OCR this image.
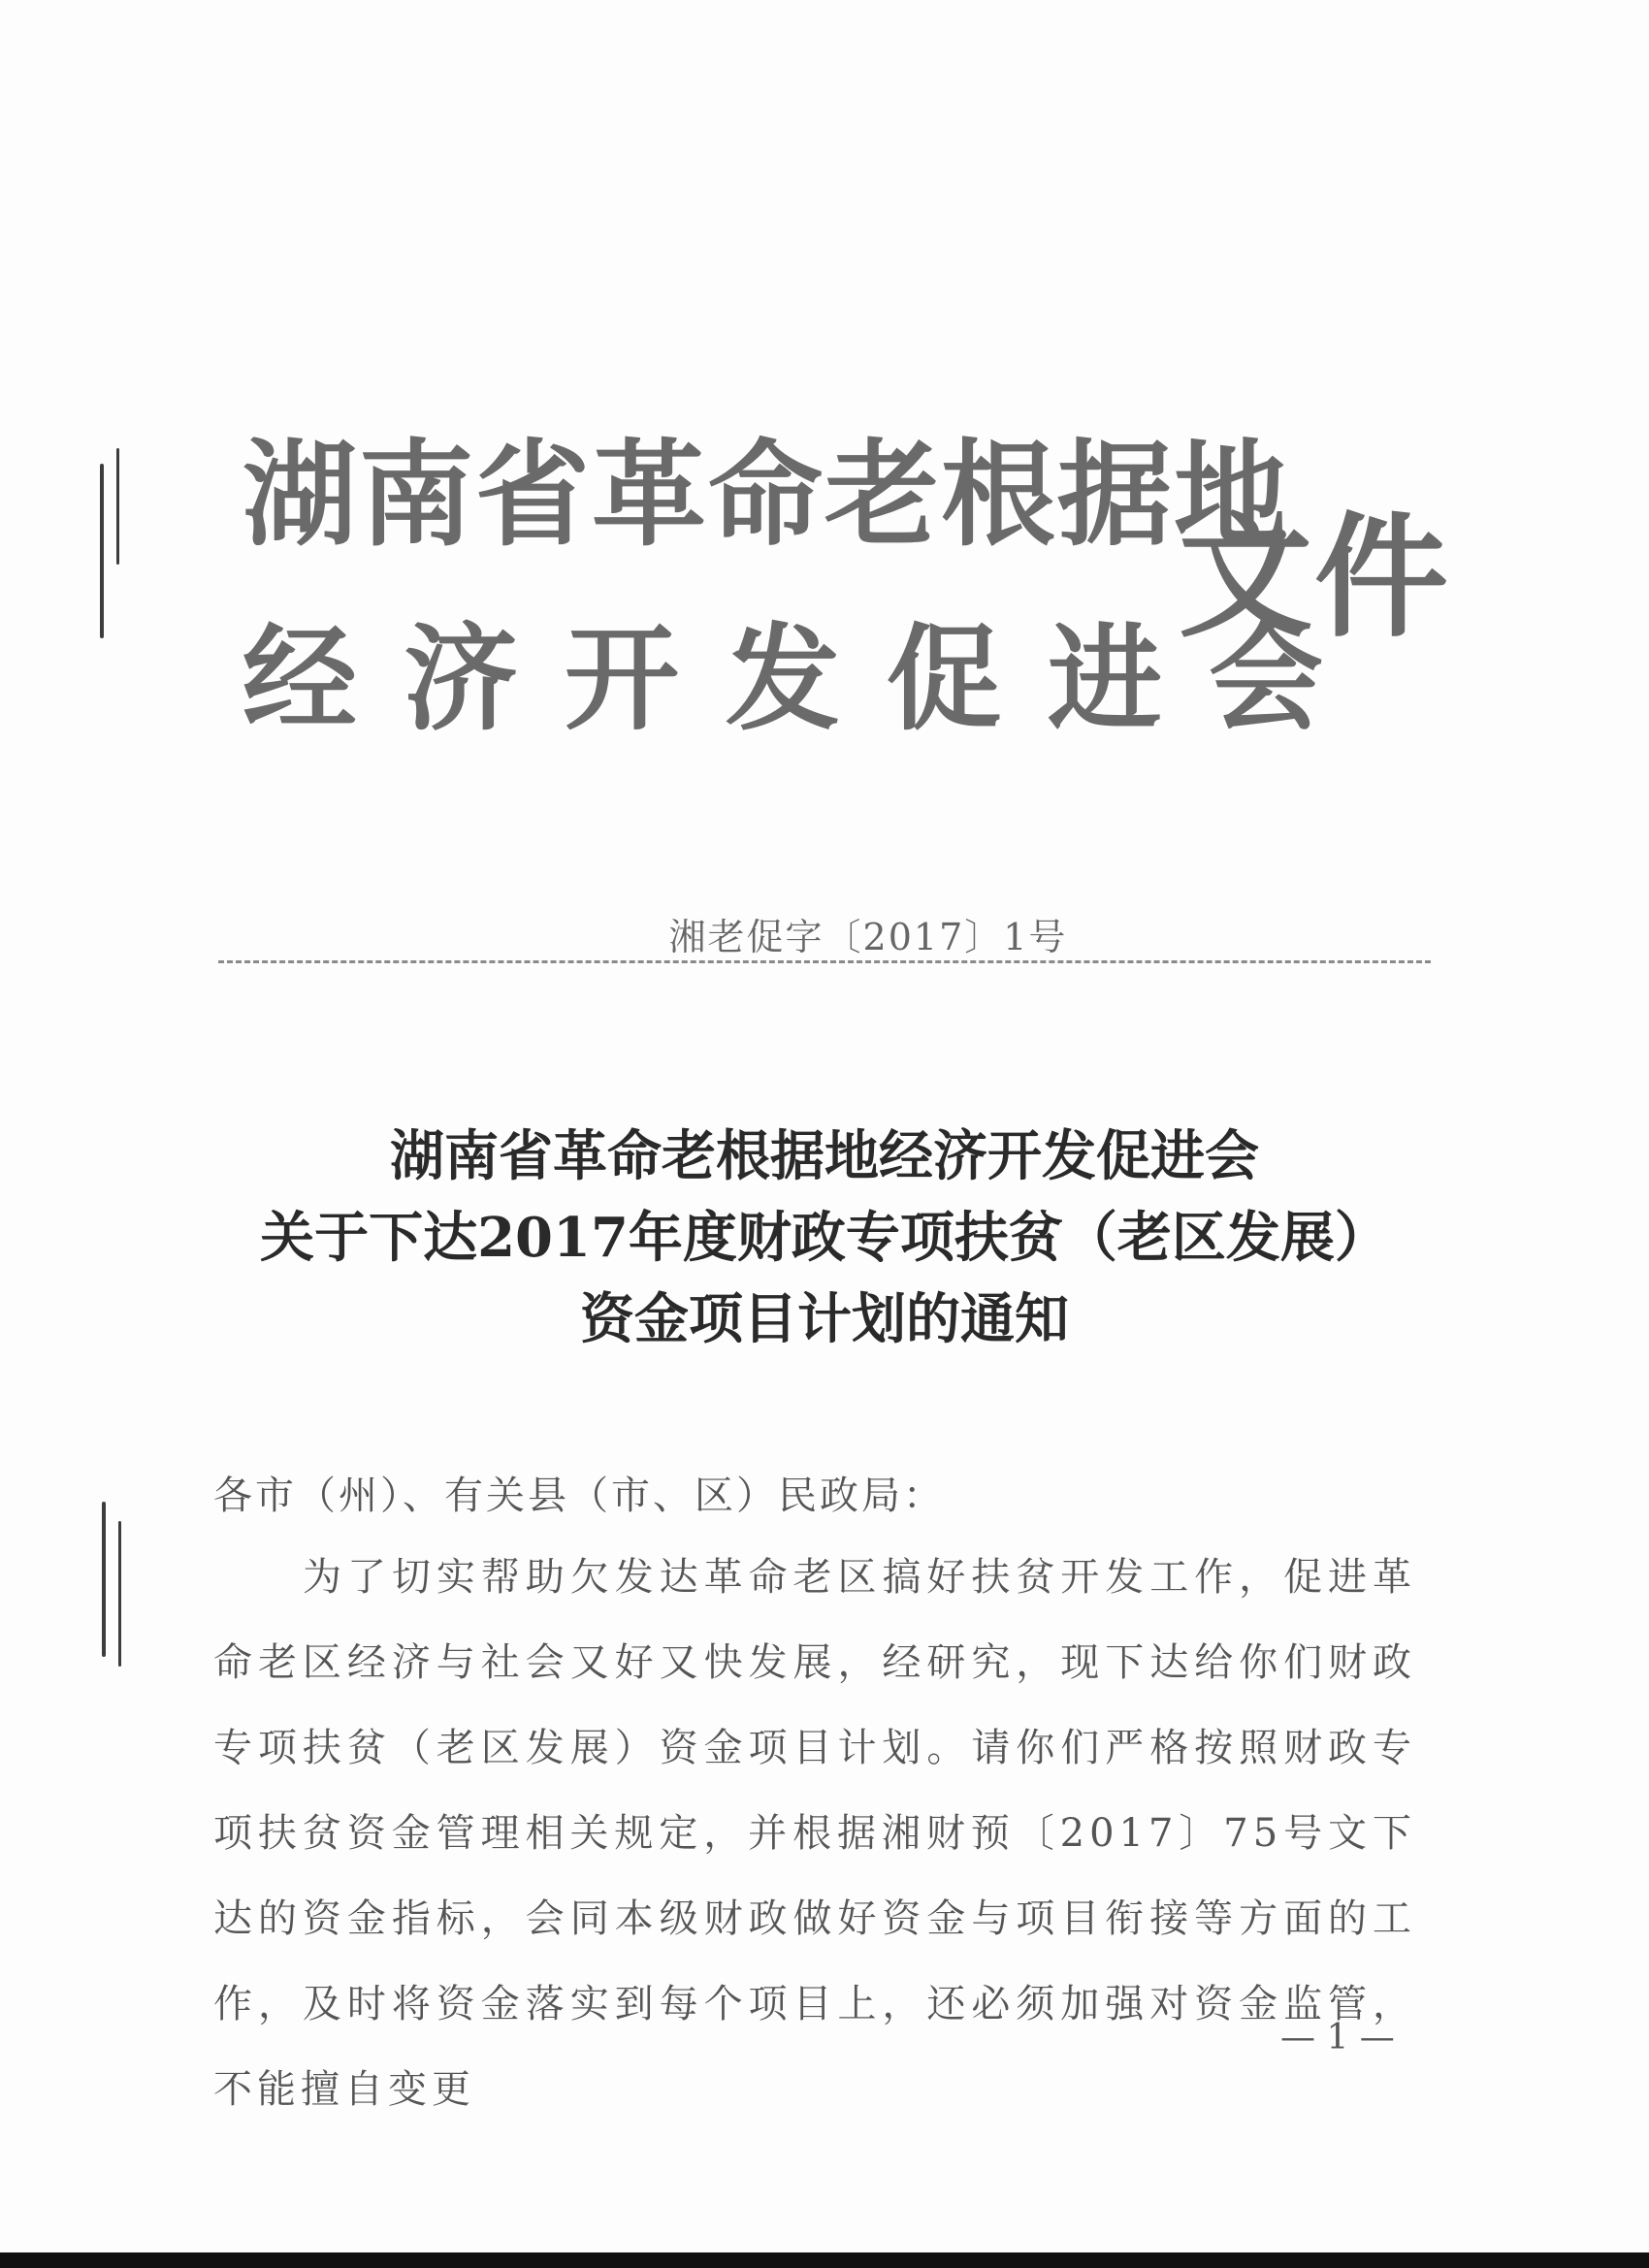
湖南省革命老根据地
经济开发促进会
文件
湘老促字〔2017〕1号
湖南省革命老根据地经济开发促进会
关于下达2017年度财政专项扶贫（老区发展）
资金项目计划的通知
各市（州）、有关县（市、区）民政局：
为了切实帮助欠发达革命老区搞好扶贫开发工作，促进革命老区经济与社会又好又快发展，经研究，现下达给你们财政专项扶贫（老区发展）资金项目计划。请你们严格按照财政专项扶贫资金管理相关规定，并根据湘财预〔2017〕75号文下达的资金指标，会同本级财政做好资金与项目衔接等方面的工作，及时将资金落实到每个项目上，还必须加强对资金监管，不能擅自变更
— 1 —
